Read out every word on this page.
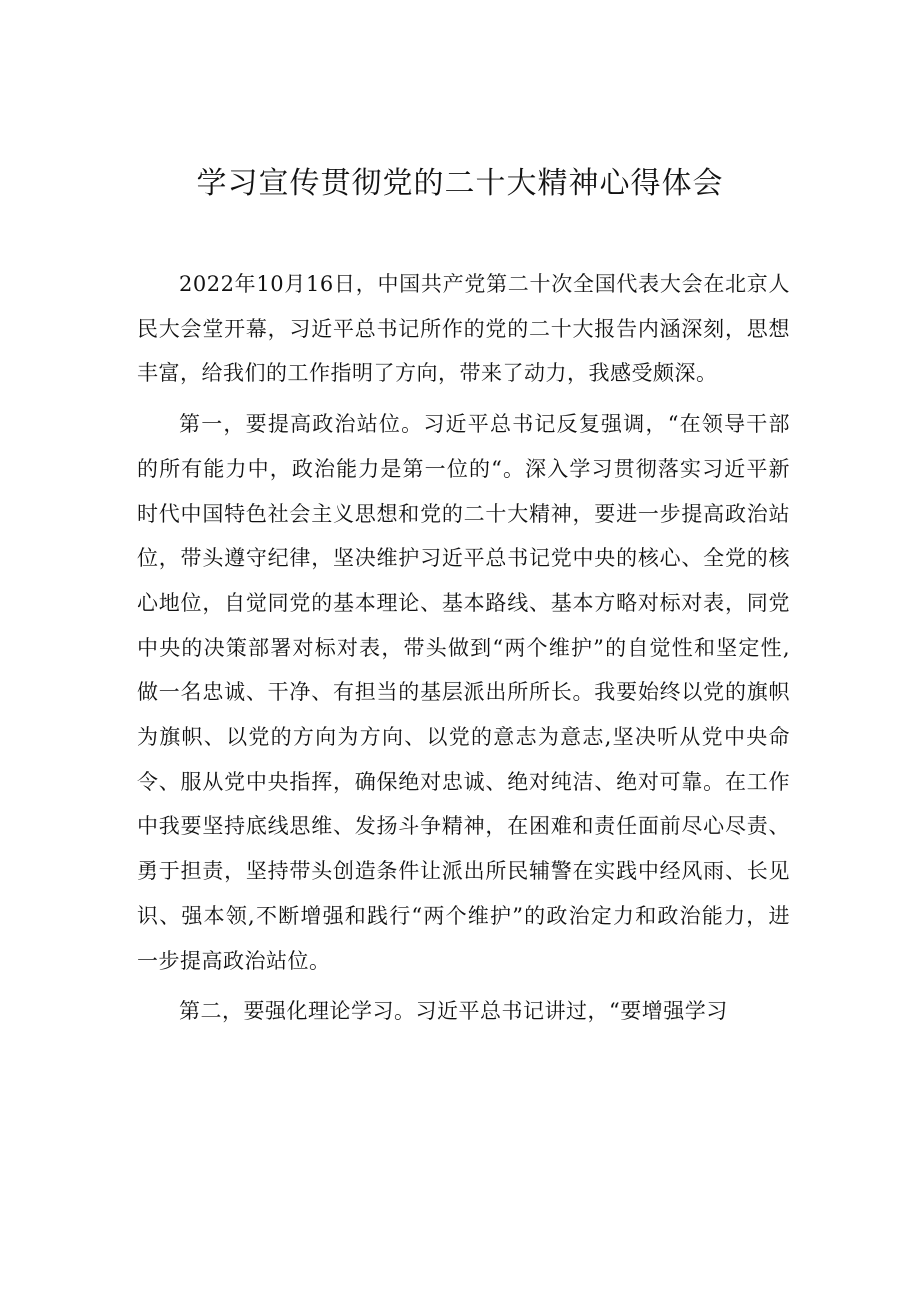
学习宣传贯彻党的二十大精神心得体会

2022年10月16日，中国共产党第二十次全国代表大会在北京人民大会堂开幕，习近平总书记所作的党的二十大报告内涵深刻，思想丰富，给我们的工作指明了方向，带来了动力，我感受颇深。

第一，要提高政治站位。习近平总书记反复强调，“在领导干部的所有能力中，政治能力是第一位的“。深入学习贯彻落实习近平新时代中国特色社会主义思想和党的二十大精神，要进一步提高政治站位，带头遵守纪律，坚决维护习近平总书记党中央的核心、全党的核心地位，自觉同党的基本理论、基本路线、基本方略对标对表，同党中央的决策部署对标对表，带头做到“两个维护”的自觉性和坚定性,做一名忠诚、干净、有担当的基层派出所所长。我要始终以党的旗帜为旗帜、以党的方向为方向、以党的意志为意志,坚决听从党中央命令、服从党中央指挥，确保绝对忠诚、绝对纯洁、绝对可靠。在工作中我要坚持底线思维、发扬斗争精神，在困难和责任面前尽心尽责、勇于担责，坚持带头创造条件让派出所民辅警在实践中经风雨、长见识、强本领,不断增强和践行“两个维护”的政治定力和政治能力，进一步提高政治站位。

第二，要强化理论学习。习近平总书记讲过，“要增强学习
